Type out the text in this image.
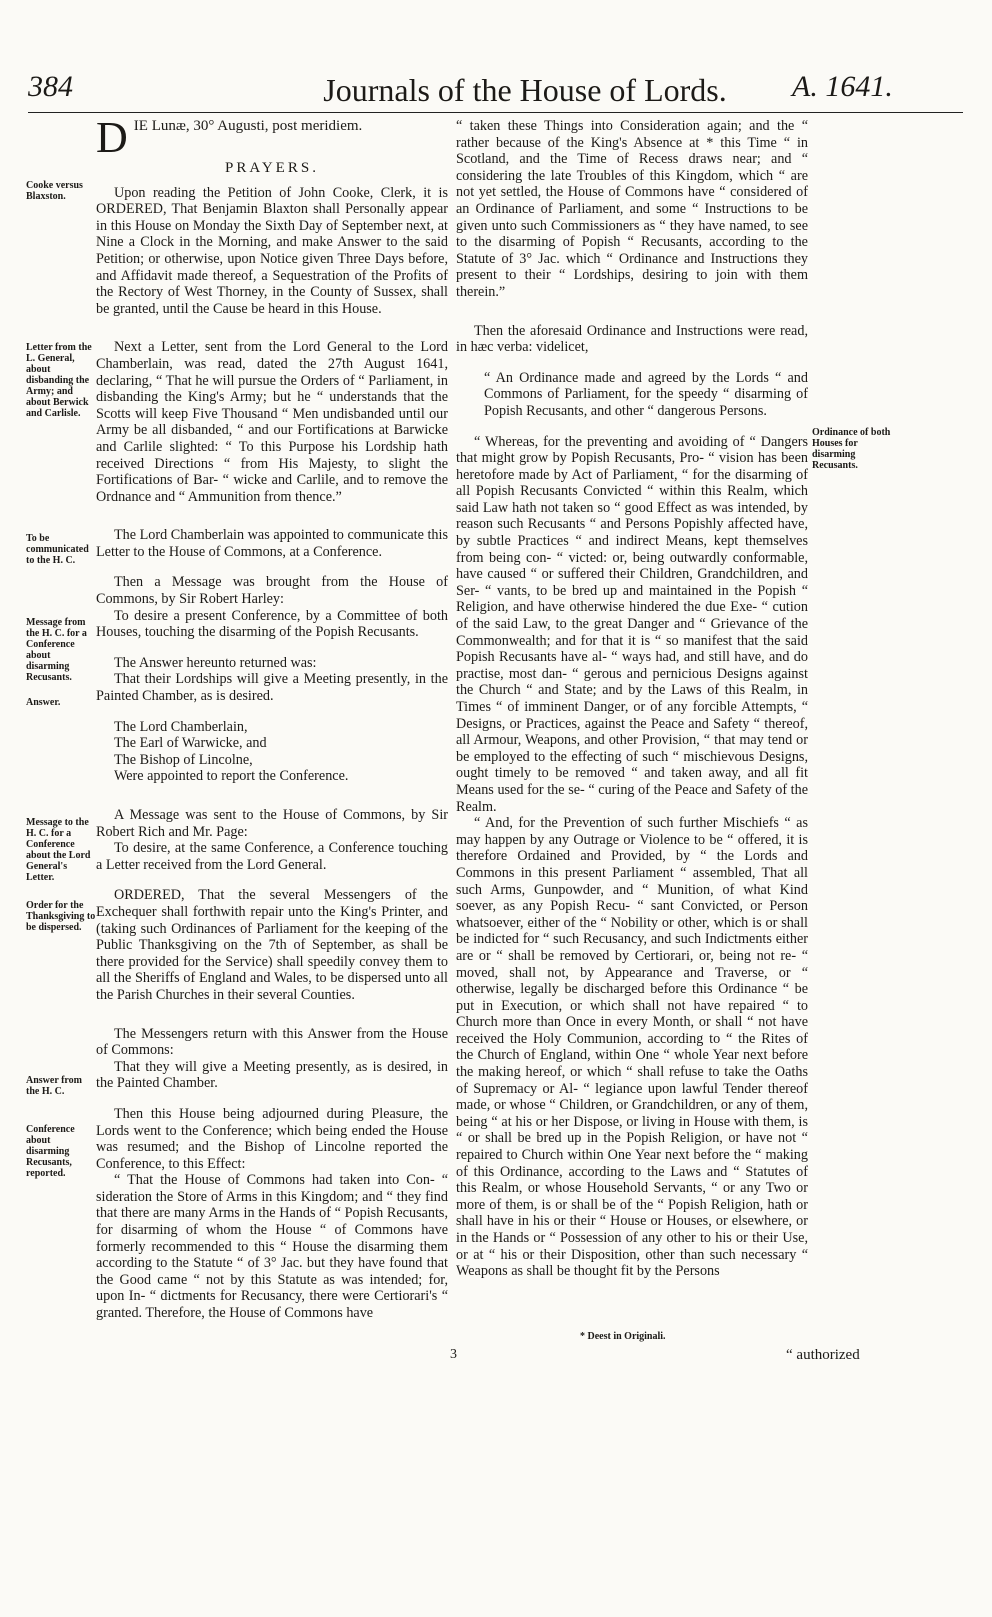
384	Journals of the House of Lords.	A. 1641.
Cooke versus Blaxston.
Letter from the L. General, about disbanding the Army; and about Berwick and Carlisle.
To be communicated to the H. C.
Message from the H. C. for a Conference about disarming Recusants.
Answer.
Message to the H. C. for a Conference about the Lord General's Letter.
Order for the Thanksgiving to be dispersed.
Answer from the H. C.
Conference about disarming Recusants, reported.
Ordinance of both Houses for disarming Recusants.

DIE Lunæ, 30° Augusti, post meridiem.

PRAYERS.

Upon reading the Petition of John Cooke, Clerk, it is ORDERED, That Benjamin Blaxton shall Personally appear in this House on Monday the Sixth Day of September next, at Nine a Clock in the Morning, and make Answer to the said Petition; or otherwise, upon Notice given Three Days before, and Affidavit made thereof, a Sequestration of the Profits of the Rectory of West Thorney, in the County of Sussex, shall be granted, until the Cause be heard in this House.

Next a Letter, sent from the Lord General to the Lord Chamberlain, was read, dated the 27th August 1641, declaring, “ That he will pursue the Orders of “ Parliament, in disbanding the King's Army; but he “ understands that the Scotts will keep Five Thousand “ Men undisbanded until our Army be all disbanded, “ and our Fortifications at Barwicke and Carlile slighted: “ To this Purpose his Lordship hath received Directions “ from His Majesty, to slight the Fortifications of Bar- “ wicke and Carlile, and to remove the Ordnance and “ Ammunition from thence.”

The Lord Chamberlain was appointed to communicate this Letter to the House of Commons, at a Conference.

Then a Message was brought from the House of Commons, by Sir Robert Harley:

To desire a present Conference, by a Committee of both Houses, touching the disarming of the Popish Recusants.

The Answer hereunto returned was:

That their Lordships will give a Meeting presently, in the Painted Chamber, as is desired.

The Lord Chamberlain,

The Earl of Warwicke, and

The Bishop of Lincolne,

Were appointed to report the Conference.

A Message was sent to the House of Commons, by Sir Robert Rich and Mr. Page:

To desire, at the same Conference, a Conference touching a Letter received from the Lord General.

ORDERED, That the several Messengers of the Exchequer shall forthwith repair unto the King's Printer, and (taking such Ordinances of Parliament for the keeping of the Public Thanksgiving on the 7th of September, as shall be there provided for the Service) shall speedily convey them to all the Sheriffs of England and Wales, to be dispersed unto all the Parish Churches in their several Counties.

The Messengers return with this Answer from the House of Commons:

That they will give a Meeting presently, as is desired, in the Painted Chamber.

Then this House being adjourned during Pleasure, the Lords went to the Conference; which being ended the House was resumed; and the Bishop of Lincolne reported the Conference, to this Effect:

“ That the House of Commons had taken into Con- “ sideration the Store of Arms in this Kingdom; and “ they find that there are many Arms in the Hands of “ Popish Recusants, for disarming of whom the House “ of Commons have formerly recommended to this “ House the disarming them according to the Statute “ of 3° Jac. but they have found that the Good came “ not by this Statute as was intended; for, upon In- “ dictments for Recusancy, there were Certiorari's “ granted. Therefore, the House of Commons have

“ taken these Things into Consideration again; and the “ rather because of the King's Absence at * this Time “ in Scotland, and the Time of Recess draws near; and “ considering the late Troubles of this Kingdom, which “ are not yet settled, the House of Commons have “ considered of an Ordinance of Parliament, and some “ Instructions to be given unto such Commissioners as “ they have named, to see to the disarming of Popish “ Recusants, according to the Statute of 3° Jac. which “ Ordinance and Instructions they present to their “ Lordships, desiring to join with them therein.”

Then the aforesaid Ordinance and Instructions were read, in hæc verba: videlicet,

“ An Ordinance made and agreed by the Lords “ and Commons of Parliament, for the speedy “ disarming of Popish Recusants, and other “ dangerous Persons.

“ Whereas, for the preventing and avoiding of “ Dangers that might grow by Popish Recusants, Pro- “ vision has been heretofore made by Act of Parliament, “ for the disarming of all Popish Recusants Convicted “ within this Realm, which said Law hath not taken so “ good Effect as was intended, by reason such Recusants “ and Persons Popishly affected have, by subtle Practices “ and indirect Means, kept themselves from being con- “ victed: or, being outwardly conformable, have caused “ or suffered their Children, Grandchildren, and Ser- “ vants, to be bred up and maintained in the Popish “ Religion, and have otherwise hindered the due Exe- “ cution of the said Law, to the great Danger and “ Grievance of the Commonwealth; and for that it is “ so manifest that the said Popish Recusants have al- “ ways had, and still have, and do practise, most dan- “ gerous and pernicious Designs against the Church “ and State; and by the Laws of this Realm, in Times “ of imminent Danger, or of any forcible Attempts, “ Designs, or Practices, against the Peace and Safety “ thereof, all Armour, Weapons, and other Provision, “ that may tend or be employed to the effecting of such “ mischievous Designs, ought timely to be removed “ and taken away, and all fit Means used for the se- “ curing of the Peace and Safety of the Realm.

“ And, for the Prevention of such further Mischiefs “ as may happen by any Outrage or Violence to be “ offered, it is therefore Ordained and Provided, by “ the Lords and Commons in this present Parliament “ assembled, That all such Arms, Gunpowder, and “ Munition, of what Kind soever, as any Popish Recu- “ sant Convicted, or Person whatsoever, either of the “ Nobility or other, which is or shall be indicted for “ such Recusancy, and such Indictments either are or “ shall be removed by Certiorari, or, being not re- “ moved, shall not, by Appearance and Traverse, or “ otherwise, legally be discharged before this Ordinance “ be put in Execution, or which shall not have repaired “ to Church more than Once in every Month, or shall “ not have received the Holy Communion, according to “ the Rites of the Church of England, within One “ whole Year next before the making hereof, or which “ shall refuse to take the Oaths of Supremacy or Al- “ legiance upon lawful Tender thereof made, or whose “ Children, or Grandchildren, or any of them, being “ at his or her Dispose, or living in House with them, is “ or shall be bred up in the Popish Religion, or have not “ repaired to Church within One Year next before the “ making of this Ordinance, according to the Laws and “ Statutes of this Realm, or whose Household Servants, “ or any Two or more of them, is or shall be of the “ Popish Religion, hath or shall have in his or their “ House or Houses, or elsewhere, or in the Hands or “ Possession of any other to his or their Use, or at “ his or their Disposition, other than such necessary “ Weapons as shall be thought fit by the Persons

* Deest in Originali.
3	“ authorized
